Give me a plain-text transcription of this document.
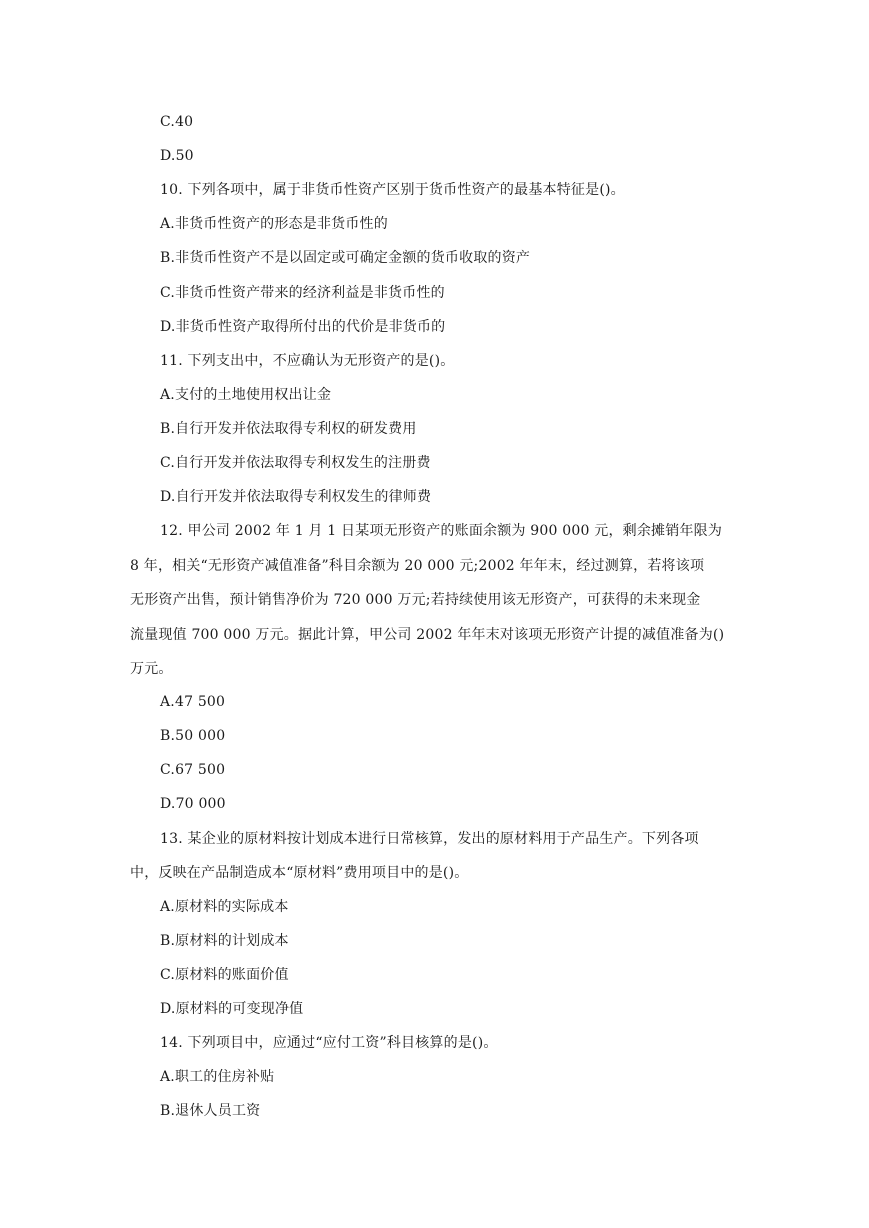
C.40
D.50
10. 下列各项中，属于非货币性资产区别于货币性资产的最基本特征是()。
A.非货币性资产的形态是非货币性的
B.非货币性资产不是以固定或可确定金额的货币收取的资产
C.非货币性资产带来的经济利益是非货币性的
D.非货币性资产取得所付出的代价是非货币的
11. 下列支出中，不应确认为无形资产的是()。
A.支付的土地使用权出让金
B.自行开发并依法取得专利权的研发费用
C.自行开发并依法取得专利权发生的注册费
D.自行开发并依法取得专利权发生的律师费
12. 甲公司 2002 年 1 月 1 日某项无形资产的账面余额为 900 000 元，剩余摊销年限为
8 年，相关“无形资产减值准备”科目余额为 20 000 元;2002 年年末，经过测算，若将该项
无形资产出售，预计销售净价为 720 000 万元;若持续使用该无形资产，可获得的未来现金
流量现值 700 000 万元。据此计算，甲公司 2002 年年末对该项无形资产计提的减值准备为()
万元。
A.47 500
B.50 000
C.67 500
D.70 000
13. 某企业的原材料按计划成本进行日常核算，发出的原材料用于产品生产。下列各项
中，反映在产品制造成本“原材料”费用项目中的是()。
A.原材料的实际成本
B.原材料的计划成本
C.原材料的账面价值
D.原材料的可变现净值
14. 下列项目中，应通过“应付工资”科目核算的是()。
A.职工的住房补贴
B.退休人员工资
